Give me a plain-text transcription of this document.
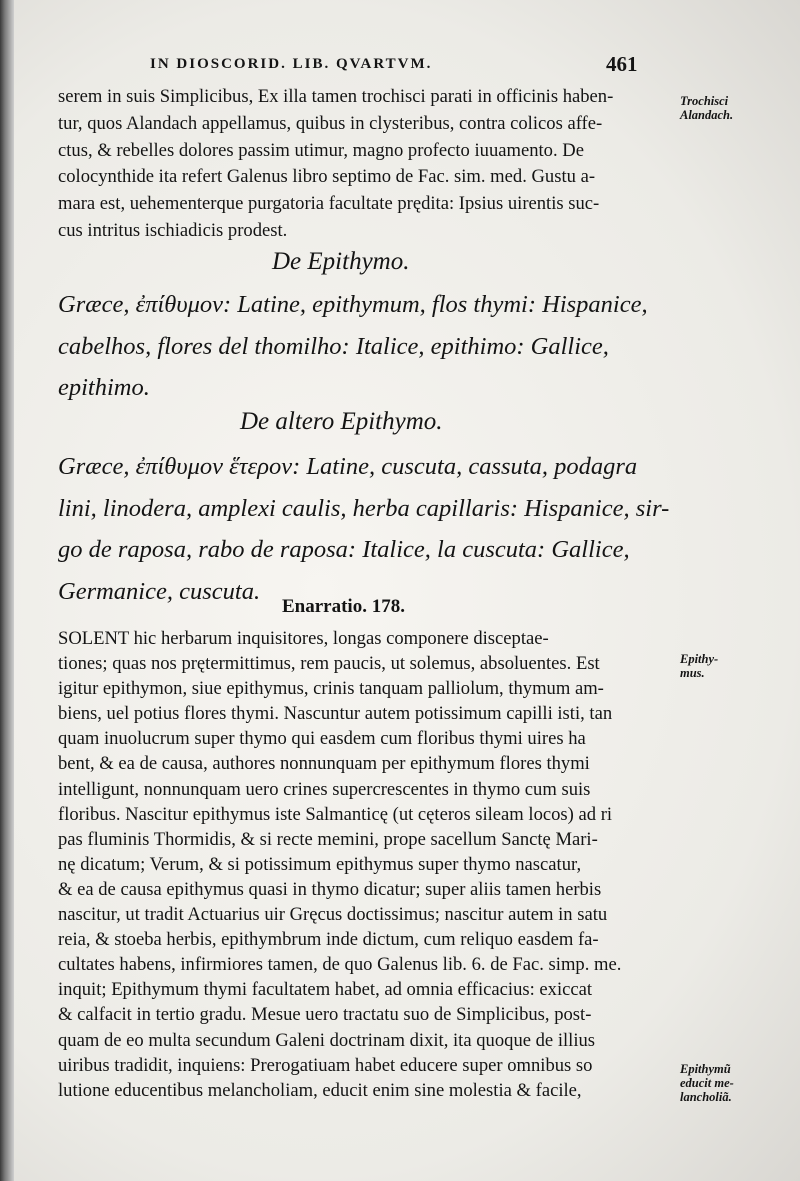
IN DIOSCORID. LIB. QVARTVM.	461
serem in suis Simplicibus, Ex illa tamen trochisci parati in officinis haben-
tur, quos Alandach appellamus, quibus in clysteribus, contra colicos affe-
ctus, & rebelles dolores passim utimur, magno profecto iuuamento. De
colocynthide ita refert Galenus libro septimo de Fac. sim. med. Gustu a-
mara est, uehementerque purgatoria facultate prędita: Ipsius uirentis suc-
cus intritus ischiadicis prodest.
De Epithymo.
Græce, ἐπίθυμον: Latine, epithymum, flos thymi: Hispanice,
cabelhos, flores del thomilho: Italice, epithimo: Gallice,
epithimo.
De altero Epithymo.
Græce, ἐπίθυμον ἕτερον: Latine, cuscuta, cassuta, podagra
lini, linodera, amplexi caulis, herba capillaris: Hispanice, sir-
go de raposa, rabo de raposa: Italice, la cuscuta: Gallice,
Germanice, cuscuta.
Enarratio. 178.
SOLENT hic herbarum inquisitores, longas componere disceptae-
tiones; quas nos prętermittimus, rem paucis, ut solemus, absoluentes. Est
igitur epithymon, siue epithymus, crinis tanquam palliolum, thymum am-
biens, uel potius flores thymi. Nascuntur autem potissimum capilli isti, tan
quam inuolucrum super thymo qui easdem cum floribus thymi uires ha
bent, & ea de causa, authores nonnunquam per epithymum flores thymi
intelligunt, nonnunquam uero crines supercrescentes in thymo cum suis
floribus. Nascitur epithymus iste Salmanticę (ut cęteros sileam locos) ad ri
pas fluminis Thormidis, & si recte memini, prope sacellum Sanctę Mari-
nę dicatum; Verum, & si potissimum epithymus super thymo nascatur,
& ea de causa epithymus quasi in thymo dicatur; super aliis tamen herbis
nascitur, ut tradit Actuarius uir Gręcus doctissimus; nascitur autem in satu
reia, & stoeba herbis, epithymbrum inde dictum, cum reliquo easdem fa-
cultates habens, infirmiores tamen, de quo Galenus lib. 6. de Fac. simp. me.
inquit; Epithymum thymi facultatem habet, ad omnia efficacius: exiccat
& calfacit in tertio gradu. Mesue uero tractatu suo de Simplicibus, post-
quam de eo multa secundum Galeni doctrinam dixit, ita quoque de illius
uiribus tradidit, inquiens: Prerogatiuam habet educere super omnibus so
lutione educentibus melancholiam, educit enim sine molestia & facile,
Trochisci
Alandach.
Epithy-
mus.
Epithymũ
educit me-
lancholiã.
